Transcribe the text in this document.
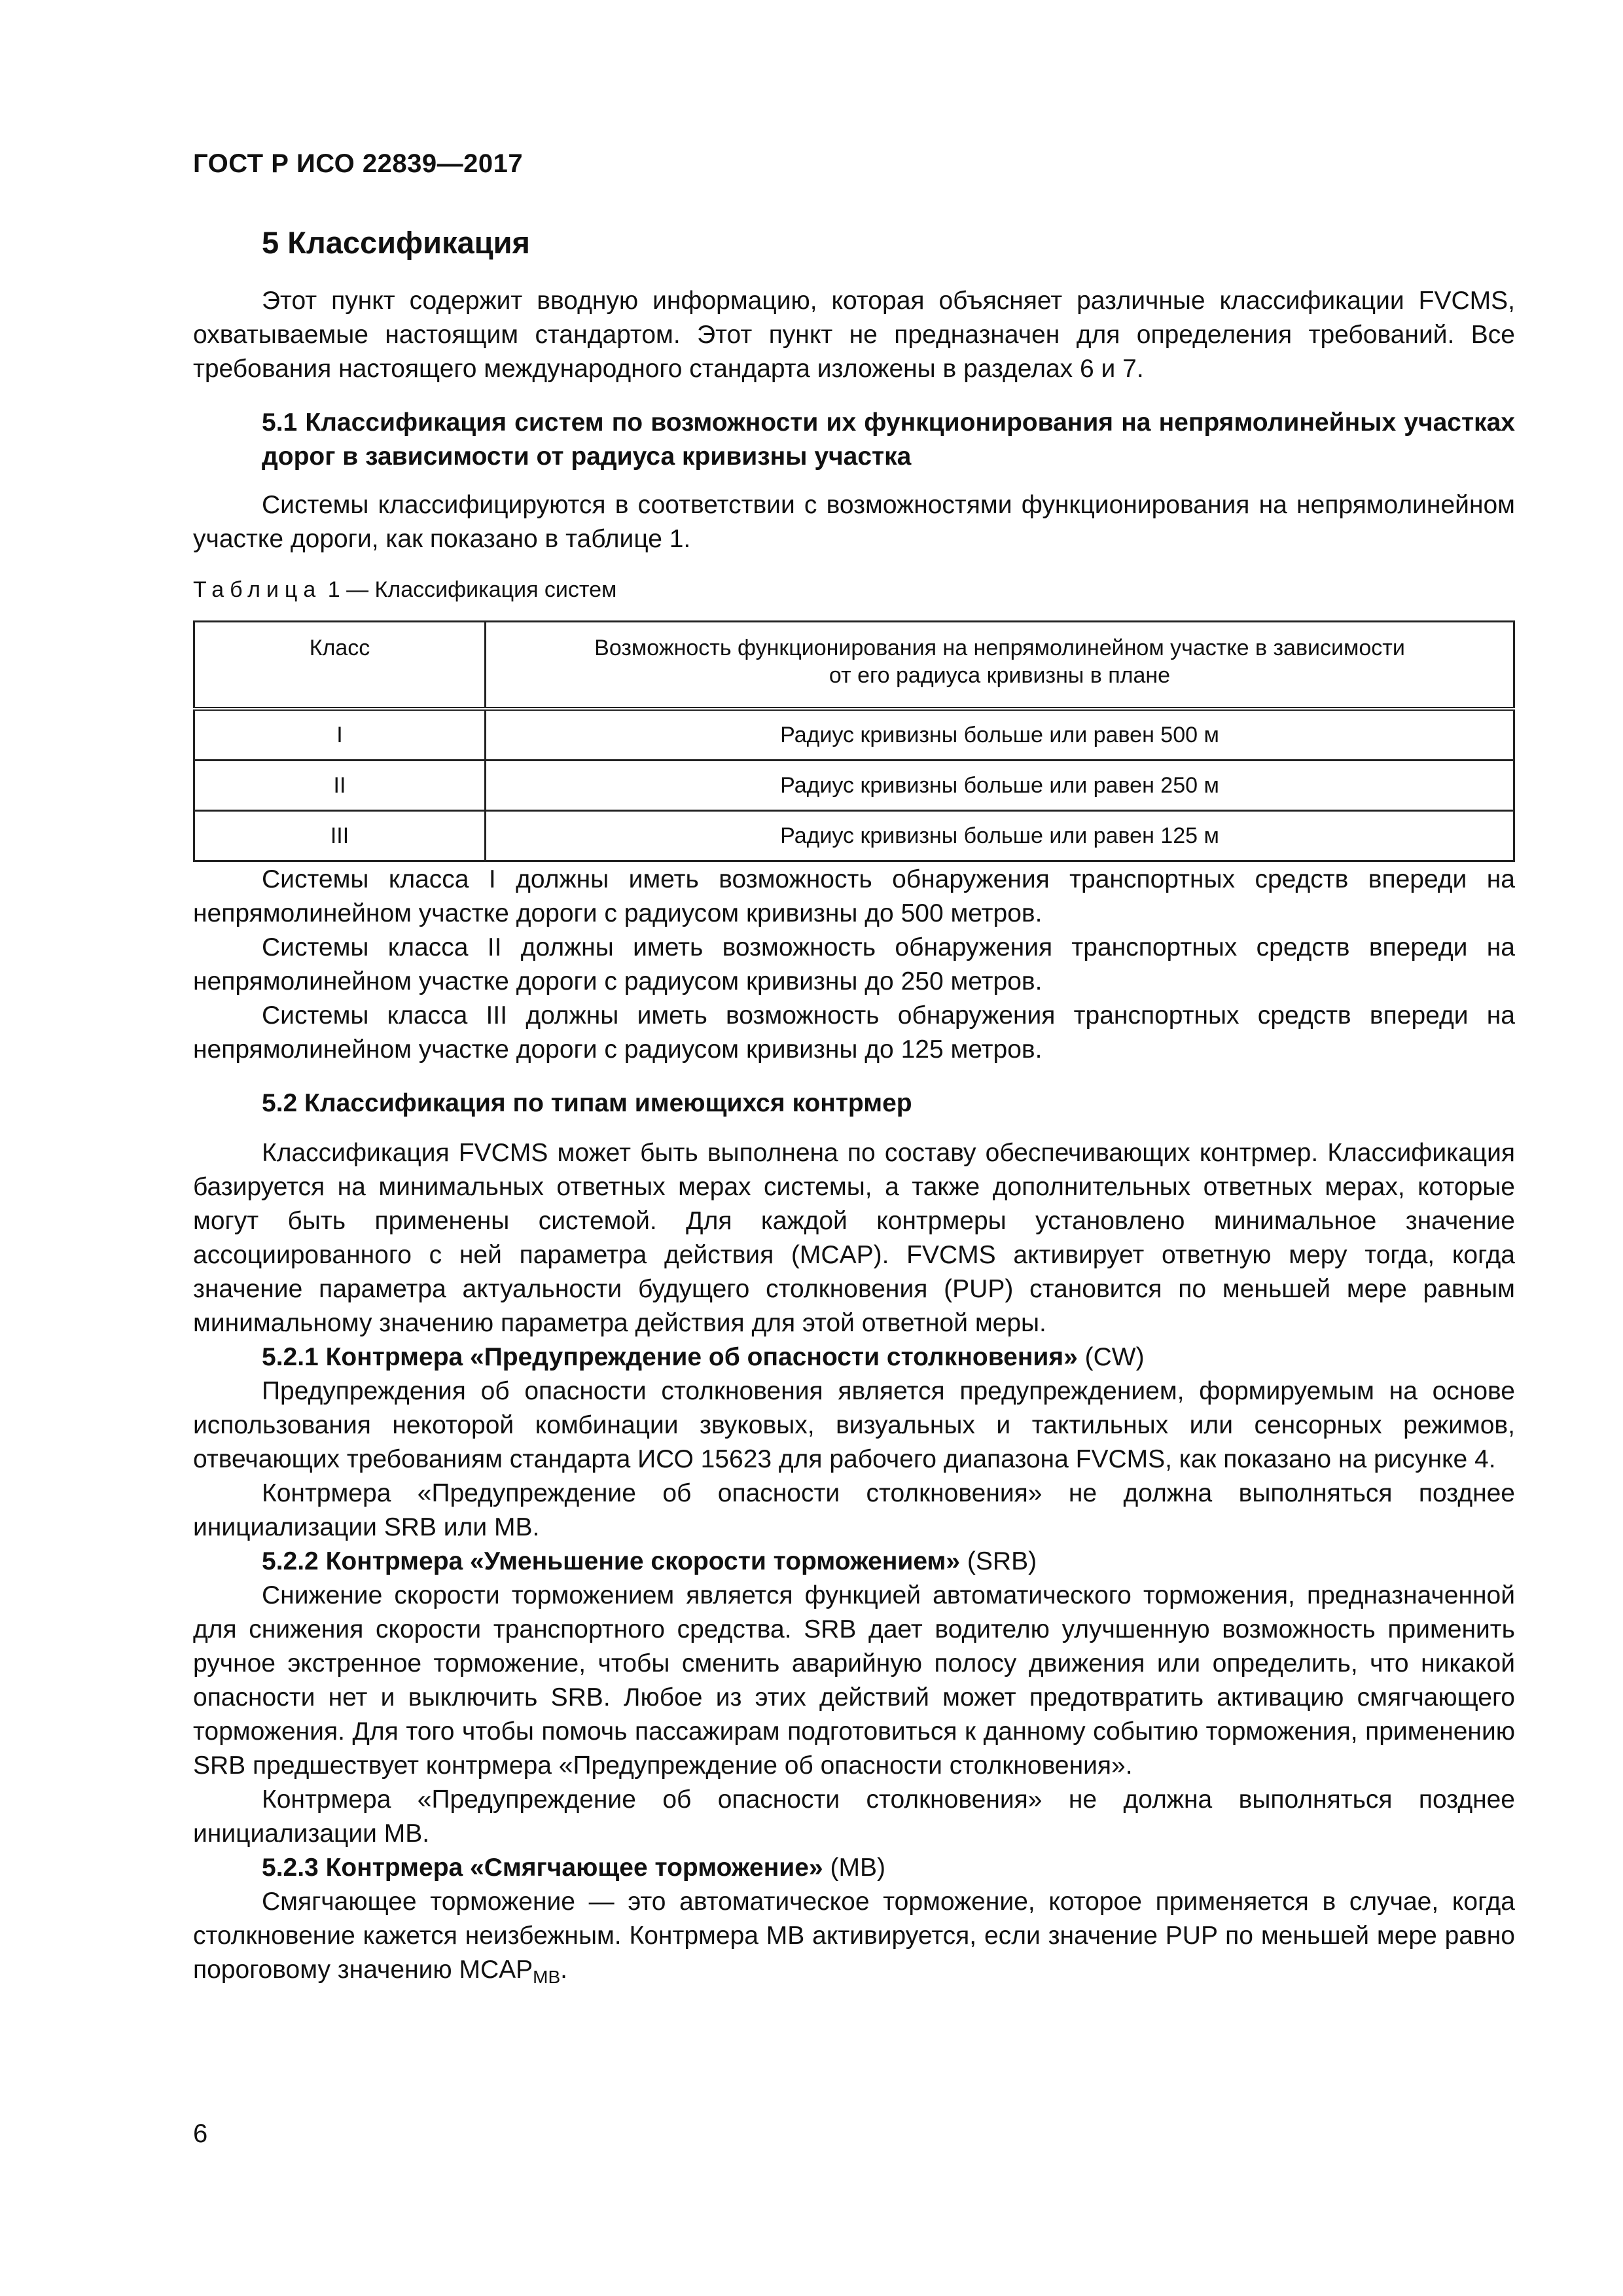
ГОСТ Р ИСО 22839—2017
5 Классификация

Этот пункт содержит вводную информацию, которая объясняет различные классификации FVCMS, охватываемые настоящим стандартом. Этот пункт не предназначен для определения требований. Все требования настоящего международного стандарта изложены в разделах 6 и 7.

5.1 Классификация систем по возможности их функционирования на непрямолинейных участках дорог в зависимости от радиуса кривизны участка

Системы классифицируются в соответствии с возможностями функционирования на непрямолинейном участке дороги, как показано в таблице 1.

Таблица 1 — Классификация систем
Класс	Возможность функционирования на непрямолинейном участке в зависимости
от его радиуса кривизны в плане
I	Радиус кривизны больше или равен 500 м
II	Радиус кривизны больше или равен 250 м
III	Радиус кривизны больше или равен 125 м

Системы класса I должны иметь возможность обнаружения транспортных средств впереди на непрямолинейном участке дороги с радиусом кривизны до 500 метров.

Системы класса II должны иметь возможность обнаружения транспортных средств впереди на непрямолинейном участке дороги с радиусом кривизны до 250 метров.

Системы класса III должны иметь возможность обнаружения транспортных средств впереди на непрямолинейном участке дороги с радиусом кривизны до 125 метров.

5.2 Классификация по типам имеющихся контрмер

Классификация FVCMS может быть выполнена по составу обеспечивающих контрмер. Классификация базируется на минимальных ответных мерах системы, а также дополнительных ответных мерах, которые могут быть применены системой. Для каждой контрмеры установлено минимальное значение ассоциированного с ней параметра действия (MCAP). FVCMS активирует ответную меру тогда, когда значение параметра актуальности будущего столкновения (PUP) становится по меньшей мере равным минимальному значению параметра действия для этой ответной меры.

5.2.1 Контрмера «Предупреждение об опасности столкновения» (CW)

Предупреждения об опасности столкновения является предупреждением, формируемым на основе использования некоторой комбинации звуковых, визуальных и тактильных или сенсорных режимов, отвечающих требованиям стандарта ИСО 15623 для рабочего диапазона FVCMS, как показано на рисунке 4.

Контрмера «Предупреждение об опасности столкновения» не должна выполняться позднее инициализации SRB или MB.

5.2.2 Контрмера «Уменьшение скорости торможением» (SRB)

Снижение скорости торможением является функцией автоматического торможения, предназначенной для снижения скорости транспортного средства. SRB дает водителю улучшенную возможность применить ручное экстренное торможение, чтобы сменить аварийную полосу движения или определить, что никакой опасности нет и выключить SRB. Любое из этих действий может предотвратить активацию смягчающего торможения. Для того чтобы помочь пассажирам подготовиться к данному событию торможения, применению SRB предшествует контрмера «Предупреждение об опасности столкновения».

Контрмера «Предупреждение об опасности столкновения» не должна выполняться позднее инициализации MB.

5.2.3 Контрмера «Смягчающее торможение» (MB)

Смягчающее торможение — это автоматическое торможение, которое применяется в случае, когда столкновение кажется неизбежным. Контрмера MB активируется, если значение PUP по меньшей мере равно пороговому значению $MCAP_{MB}$.

6
